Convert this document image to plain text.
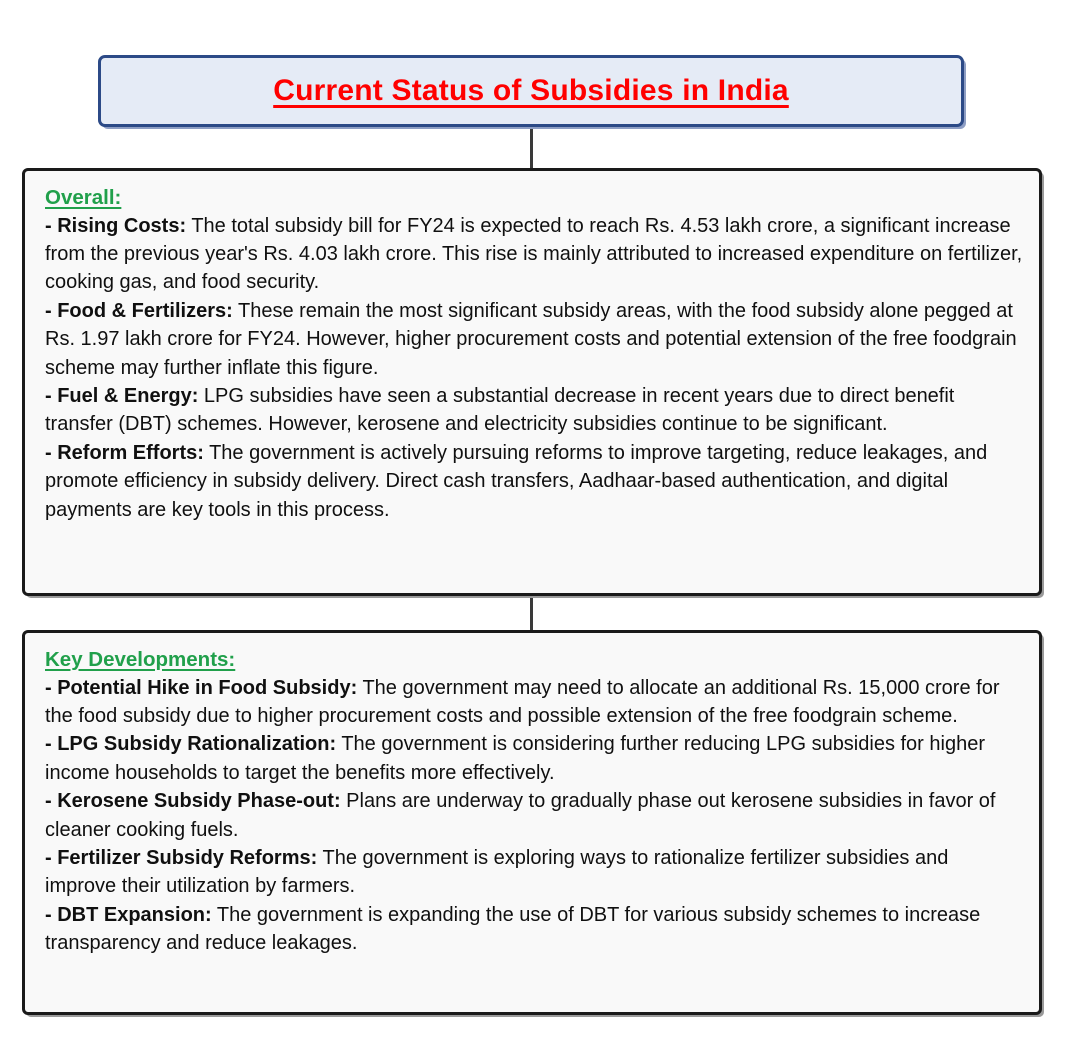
Current Status of Subsidies in India
Overall:

- Rising Costs: The total subsidy bill for FY24 is expected to reach Rs. 4.53 lakh crore, a significant increase from the previous year's Rs. 4.03 lakh crore. This rise is mainly attributed to increased expenditure on fertilizer, cooking gas, and food security.

- Food & Fertilizers: These remain the most significant subsidy areas, with the food subsidy alone pegged at Rs. 1.97 lakh crore for FY24. However, higher procurement costs and potential extension of the free foodgrain scheme may further inflate this figure.

- Fuel & Energy: LPG subsidies have seen a substantial decrease in recent years due to direct benefit transfer (DBT) schemes. However, kerosene and electricity subsidies continue to be significant.

- Reform Efforts: The government is actively pursuing reforms to improve targeting, reduce leakages, and promote efficiency in subsidy delivery. Direct cash transfers, Aadhaar-based authentication, and digital payments are key tools in this process.

Key Developments:

- Potential Hike in Food Subsidy: The government may need to allocate an additional Rs. 15,000 crore for the food subsidy due to higher procurement costs and possible extension of the free foodgrain scheme.

- LPG Subsidy Rationalization: The government is considering further reducing LPG subsidies for higher income households to target the benefits more effectively.

- Kerosene Subsidy Phase-out: Plans are underway to gradually phase out kerosene subsidies in favor of cleaner cooking fuels.

- Fertilizer Subsidy Reforms: The government is exploring ways to rationalize fertilizer subsidies and improve their utilization by farmers.

- DBT Expansion: The government is expanding the use of DBT for various subsidy schemes to increase transparency and reduce leakages.
